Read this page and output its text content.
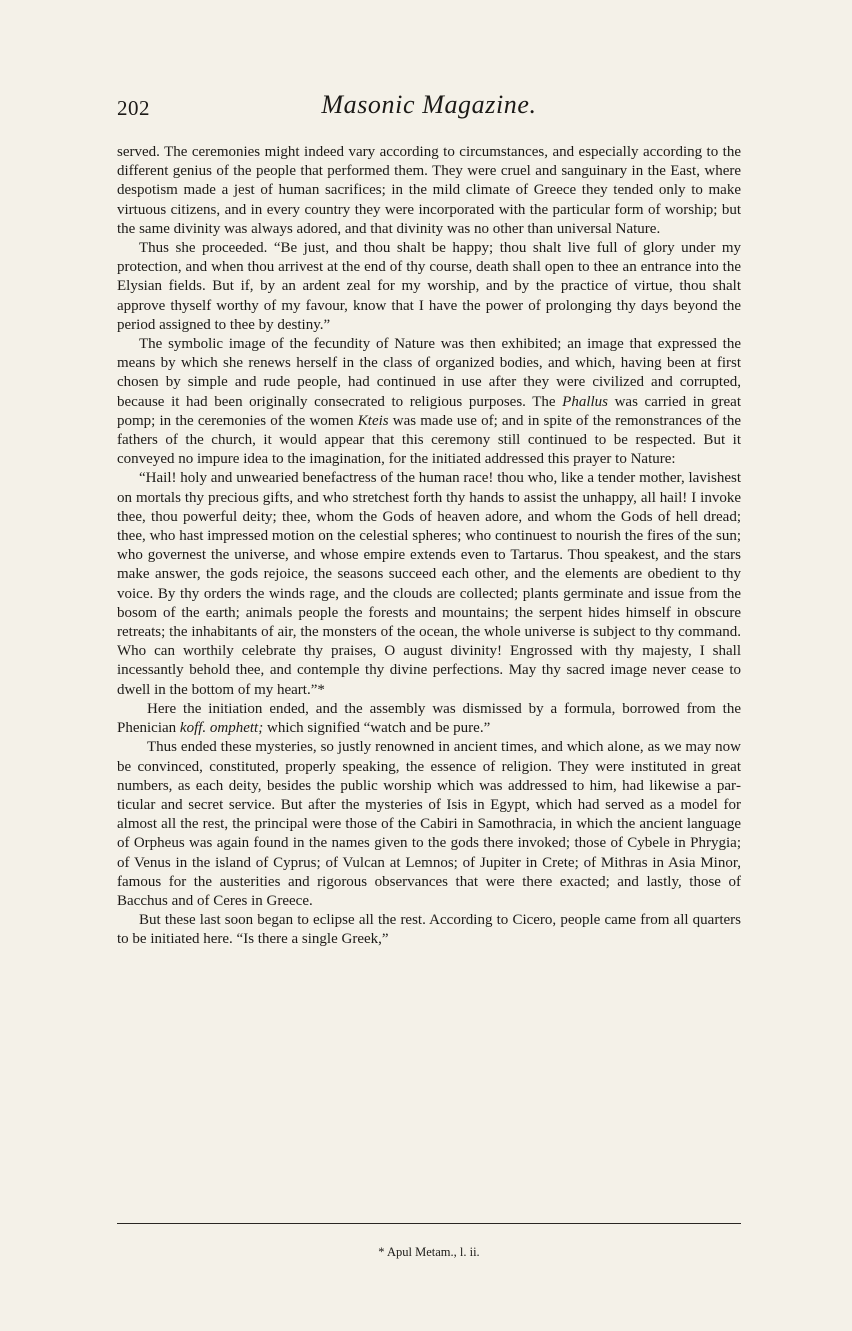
202	Masonic Magazine.

served. The ceremonies might indeed vary according to circumstances, and especially according to the different genius of the people that performed them. They were cruel and sanguinary in the East, where despotism made a jest of human sacrifices; in the mild climate of Greece they tended only to make virtuous citizens, and in every country they were incorporated with the particular form of worship; but the same divinity was always adored, and that divinity was no other than universal Nature.

Thus she proceeded. “Be just, and thou shalt be happy; thou shalt live full of glory under my protection, and when thou arrivest at the end of thy course, death shall open to thee an entrance into the Elysian fields. But if, by an ardent zeal for my worship, and by the practice of virtue, thou shalt approve thyself worthy of my favour, know that I have the power of prolonging thy days beyond the period assigned to thee by destiny.”

The symbolic image of the fecundity of Nature was then exhibited; an image that expressed the means by which she renews herself in the class of organized bodies, and which, having been at first chosen by simple and rude people, had continued in use after they were civilized and corrupted, because it had been originally consecrated to religious purposes. The Phallus was carried in great pomp; in the ceremonies of the women Kteis was made use of; and in spite of the remonstrances of the fathers of the church, it would appear that this ceremony still continued to be respected. But it conveyed no impure idea to the imagination, for the initiated addressed this prayer to Nature:

“Hail! holy and unwearied benefactress of the human race! thou who, like a tender mother, lavishest on mortals thy precious gifts, and who stretchest forth thy hands to assist the unhappy, all hail! I invoke thee, thou powerful deity; thee, whom the Gods of heaven adore, and whom the Gods of hell dread; thee, who hast impressed motion on the celestial spheres; who continuest to nourish the fires of the sun; who governest the universe, and whose empire extends even to Tartarus. Thou speakest, and the stars make answer, the gods rejoice, the seasons succeed each other, and the elements are obedient to thy voice. By thy orders the winds rage, and the clouds are collected; plants germinate and issue from the bosom of the earth; animals people the forests and mountains; the serpent hides himself in obscure retreats; the inhabitants of air, the monsters of the ocean, the whole universe is subject to thy command. Who can worthily celebrate thy praises, O august divinity! Engrossed with thy majesty, I shall incessantly behold thee, and contemple thy divine perfections. May thy sacred image never cease to dwell in the bottom of my heart.”*

Here the initiation ended, and the assembly was dismissed by a formula, borrowed from the Phenician koff. omphett; which signified “watch and be pure.”

Thus ended these mysteries, so justly renowned in ancient times, and which alone, as we may now be convinced, constituted, properly speaking, the essence of religion. They were instituted in great numbers, as each deity, besides the public worship which was addressed to him, had likewise a particular and secret service. But after the mysteries of Isis in Egypt, which had served as a model for almost all the rest, the principal were those of the Cabiri in Samothracia, in which the ancient language of Orpheus was again found in the names given to the gods there invoked; those of Cybele in Phrygia; of Venus in the island of Cyprus; of Vulcan at Lemnos; of Jupiter in Crete; of Mithras in Asia Minor, famous for the austerities and rigorous observances that were there exacted; and lastly, those of Bacchus and of Ceres in Greece.

But these last soon began to eclipse all the rest. According to Cicero, people came from all quarters to be initiated here. “Is there a single Greek,”

* Apul Metam., l. ii.
